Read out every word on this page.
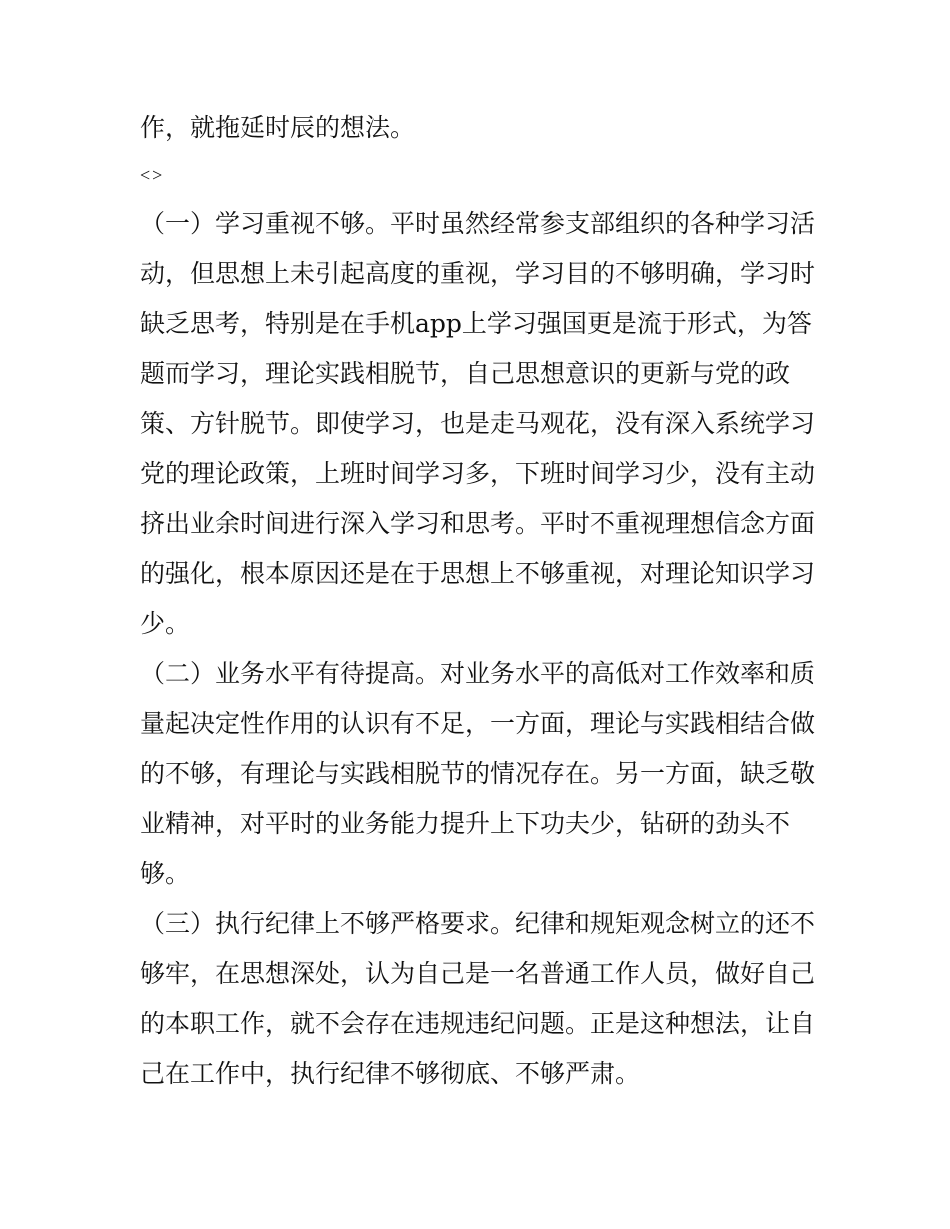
作，就拖延时辰的想法。
<>
（一）学习重视不够。平时虽然经常参支部组织的各种学习活
动，但思想上未引起高度的重视，学习目的不够明确，学习时
缺乏思考，特别是在手机app上学习强国更是流于形式，为答
题而学习，理论实践相脱节，自己思想意识的更新与党的政
策、方针脱节。即使学习，也是走马观花，没有深入系统学习
党的理论政策，上班时间学习多，下班时间学习少，没有主动
挤出业余时间进行深入学习和思考。平时不重视理想信念方面
的强化，根本原因还是在于思想上不够重视，对理论知识学习
少。
（二）业务水平有待提高。对业务水平的高低对工作效率和质
量起决定性作用的认识有不足，一方面，理论与实践相结合做
的不够，有理论与实践相脱节的情况存在。另一方面，缺乏敬
业精神，对平时的业务能力提升上下功夫少，钻研的劲头不
够。
（三）执行纪律上不够严格要求。纪律和规矩观念树立的还不
够牢，在思想深处，认为自己是一名普通工作人员，做好自己
的本职工作，就不会存在违规违纪问题。正是这种想法，让自
己在工作中，执行纪律不够彻底、不够严肃。
